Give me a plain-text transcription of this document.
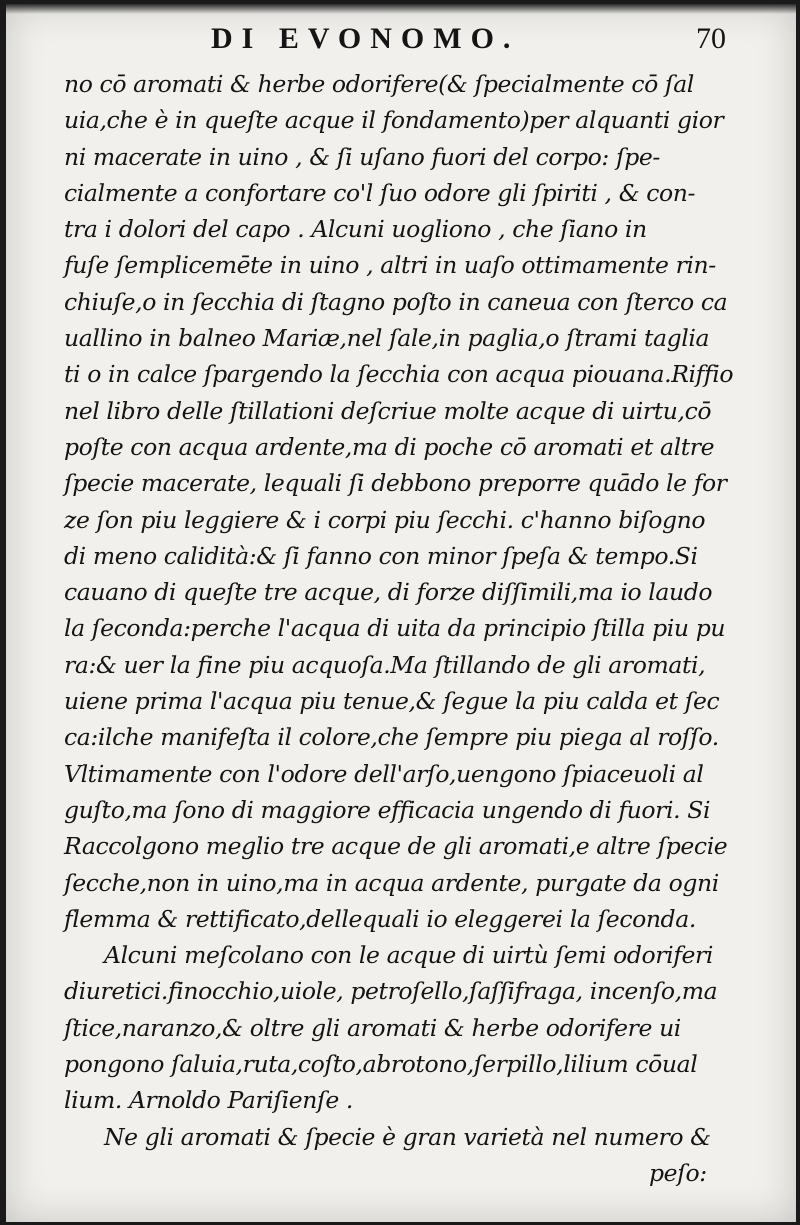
DI EVONOMO.	70
no cō aromati & herbe odorifere(& ſpecialmente cō ſal
uia,che è in queſte acque il fondamento)per alquanti gior
ni macerate in uino , & ſi uſano fuori del corpo: ſpe-
cialmente a confortare co'l ſuo odore gli ſpiriti , & con-
tra i dolori del capo . Alcuni uogliono , che ſiano in
fuſe ſemplicemēte in uino , altri in uaſo ottimamente rin-
chiuſe,o in ſecchia di ſtagno poſto in caneua con ſterco ca
uallino in balneo Mariæ,nel ſale,in paglia,o ſtrami taglia
ti o in calce ſpargendo la ſecchia con acqua piouana.Riffio
nel libro delle ſtillationi deſcriue molte acque di uirtu,cō
poſte con acqua ardente,ma di poche cō aromati et altre
ſpecie macerate, lequali ſi debbono preporre quādo le for
ze ſon piu leggiere & i corpi piu ſecchi. c'hanno biſogno
di meno calidità:& ſi fanno con minor ſpeſa & tempo.Si
cauano di queſte tre acque, di forze diſſimili,ma io laudo
la ſeconda:perche l'acqua di uita da principio ſtilla piu pu
ra:& uer la fine piu acquoſa.Ma ſtillando de gli aromati,
uiene prima l'acqua piu tenue,& ſegue la piu calda et ſec
ca:ilche manifeſta il colore,che ſempre piu piega al roſſo.
Vltimamente con l'odore dell'arſo,uengono ſpiaceuoli al
guſto,ma ſono di maggiore efficacia ungendo di fuori. Si
Raccolgono meglio tre acque de gli aromati,e altre ſpecie
ſecche,non in uino,ma in acqua ardente, purgate da ogni
flemma & rettificato,dellequali io eleggerei la ſeconda.
Alcuni meſcolano con le acque di uirtù ſemi odoriferi
diuretici.finocchio,uiole, petroſello,ſaſſifraga, incenſo,ma
ſtice,naranzo,& oltre gli aromati & herbe odorifere ui
pongono ſaluia,ruta,coſto,abrotono,ſerpillo,lilium cōual
lium. Arnoldo Pariſienſe .
Ne gli aromati & ſpecie è gran varietà nel numero &
peſo:
